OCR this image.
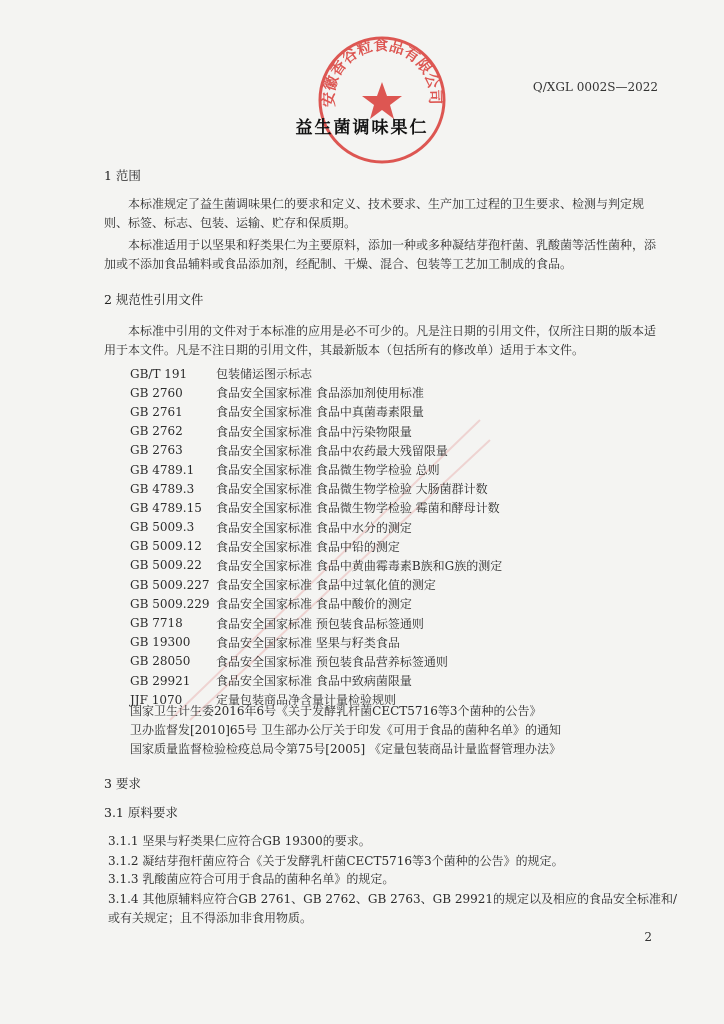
安徽香谷粒食品有限公司
Q/XGL 0002S—2022
益生菌调味果仁
1 范围
本标准规定了益生菌调味果仁的要求和定义、技术要求、生产加工过程的卫生要求、检测与判定规则、标签、标志、包装、运输、贮存和保质期。
本标准适用于以坚果和籽类果仁为主要原料，添加一种或多种凝结芽孢杆菌、乳酸菌等活性菌种，添加或不添加食品辅料或食品添加剂，经配制、干燥、混合、包装等工艺加工制成的食品。
2 规范性引用文件
本标准中引用的文件对于本标准的应用是必不可少的。凡是注日期的引用文件，仅所注日期的版本适用于本文件。凡是不注日期的引用文件，其最新版本（包括所有的修改单）适用于本文件。
GB/T 191	包装储运图示标志
GB 2760	食品安全国家标准 食品添加剂使用标准
GB 2761	食品安全国家标准 食品中真菌毒素限量
GB 2762	食品安全国家标准 食品中污染物限量
GB 2763	食品安全国家标准 食品中农药最大残留限量
GB 4789.1	食品安全国家标准 食品微生物学检验 总则
GB 4789.3	食品安全国家标准 食品微生物学检验 大肠菌群计数
GB 4789.15	食品安全国家标准 食品微生物学检验 霉菌和酵母计数
GB 5009.3	食品安全国家标准 食品中水分的测定
GB 5009.12	食品安全国家标准 食品中铅的测定
GB 5009.22	食品安全国家标准 食品中黄曲霉毒素B族和G族的测定
GB 5009.227 食品安全国家标准 食品中过氧化值的测定
GB 5009.229 食品安全国家标准 食品中酸价的测定
GB 7718	食品安全国家标准 预包装食品标签通则
GB 19300	食品安全国家标准 坚果与籽类食品
GB 28050	食品安全国家标准 预包装食品营养标签通则
GB 29921	食品安全国家标准 食品中致病菌限量
JJF 1070	定量包装商品净含量计量检验规则
国家卫生计生委2016年6号《关于发酵乳杆菌CECT5716等3个菌种的公告》
卫办监督发[2010]65号 卫生部办公厅关于印发《可用于食品的菌种名单》的通知
国家质量监督检验检疫总局令第75号[2005] 《定量包装商品计量监督管理办法》
3 要求
3.1 原料要求
3.1.1 坚果与籽类果仁应符合GB 19300的要求。
3.1.2 凝结芽孢杆菌应符合《关于发酵乳杆菌CECT5716等3个菌种的公告》的规定。
3.1.3 乳酸菌应符合可用于食品的菌种名单》的规定。
3.1.4 其他原辅料应符合GB 2761、GB 2762、GB 2763、GB 29921的规定以及相应的食品安全标准和/
或有关规定；且不得添加非食用物质。
2
